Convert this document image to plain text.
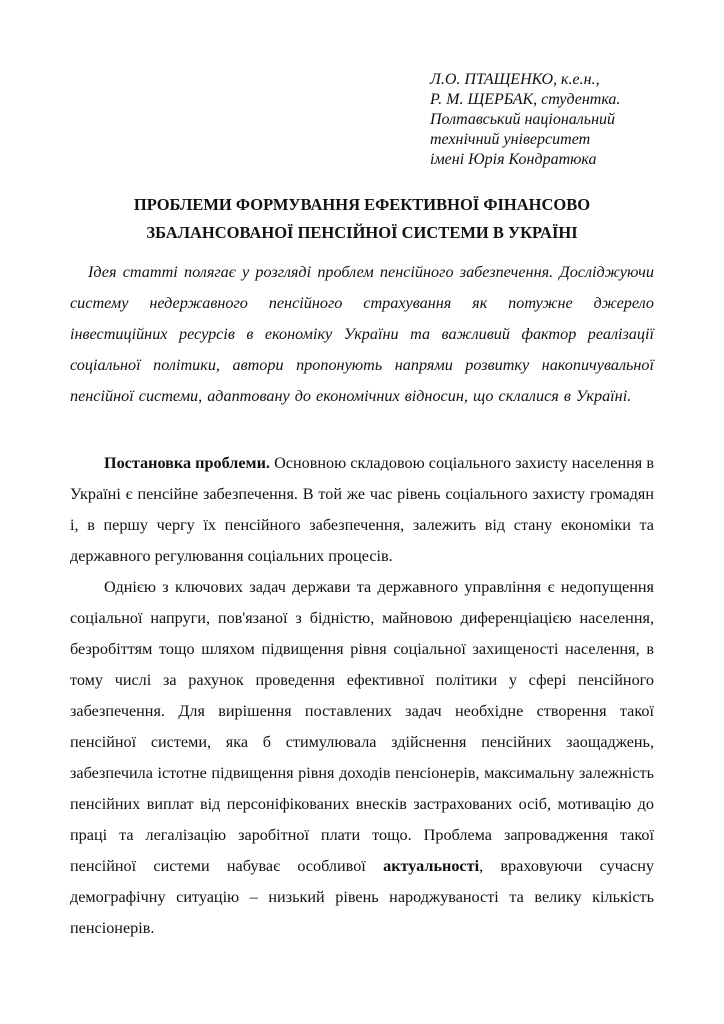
Л.О. ПТАЩЕНКО, к.е.н.,
Р. М. ЩЕРБАК, студентка.
Полтавський національний
технічний університет
імені Юрія Кондратюка
ПРОБЛЕМИ ФОРМУВАННЯ ЕФЕКТИВНОЇ ФІНАНСОВО
ЗБАЛАНСОВАНОЇ ПЕНСІЙНОЇ СИСТЕМИ В УКРАЇНІ

Ідея статті полягає у розгляді проблем пенсійного забезпечення. Досліджуючи систему недержавного пенсійного страхування як потужне джерело інвестиційних ресурсів в економіку України та важливий фактор реалізації соціальної політики, автори пропонують напрями розвитку накопичувальної пенсійної системи, адаптовану до економічних відносин, що склалися в Україні.

Постановка проблеми. Основною складовою соціального захисту населення в Україні є пенсійне забезпечення. В той же час рівень соціального захисту громадян і, в першу чергу їх пенсійного забезпечення, залежить від стану економіки та державного регулювання соціальних процесів.

Однією з ключових задач держави та державного управління є недопущення соціальної напруги, пов'язаної з бідністю, майновою диференціацією населення, безробіттям тощо шляхом підвищення рівня соціальної захищеності населення, в тому числі за рахунок проведення ефективної політики у сфері пенсійного забезпечення. Для вирішення поставлених задач необхідне створення такої пенсійної системи, яка б стимулювала здійснення пенсійних заощаджень, забезпечила істотне підвищення рівня доходів пенсіонерів, максимальну залежність пенсійних виплат від персоніфікованих внесків застрахованих осіб, мотивацію до праці та легалізацію заробітної плати тощо. Проблема запровадження такої пенсійної системи набуває особливої актуальності, враховуючи сучасну демографічну ситуацію – низький рівень народжуваності та велику кількість пенсіонерів.
